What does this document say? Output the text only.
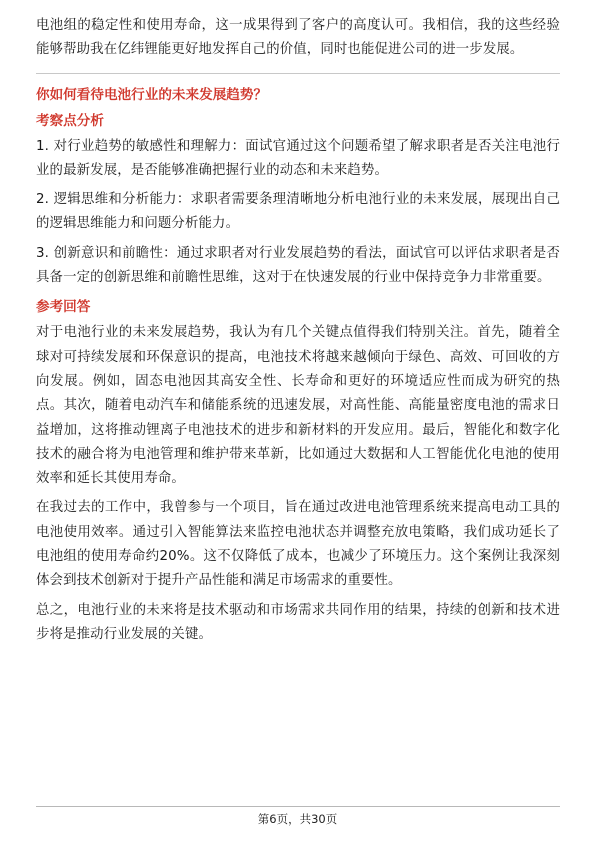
电池组的稳定性和使用寿命，这一成果得到了客户的高度认可。我相信，我的这些经验能够帮助我在亿纬锂能更好地发挥自己的价值，同时也能促进公司的进一步发展。

你如何看待电池行业的未来发展趋势？
考察点分析

1. 对行业趋势的敏感性和理解力：面试官通过这个问题希望了解求职者是否关注电池行业的最新发展，是否能够准确把握行业的动态和未来趋势。

2. 逻辑思维和分析能力：求职者需要条理清晰地分析电池行业的未来发展，展现出自己的逻辑思维能力和问题分析能力。

3. 创新意识和前瞻性：通过求职者对行业发展趋势的看法，面试官可以评估求职者是否具备一定的创新思维和前瞻性思维，这对于在快速发展的行业中保持竞争力非常重要。

参考回答

对于电池行业的未来发展趋势，我认为有几个关键点值得我们特别关注。首先，随着全球对可持续发展和环保意识的提高，电池技术将越来越倾向于绿色、高效、可回收的方向发展。例如，固态电池因其高安全性、长寿命和更好的环境适应性而成为研究的热点。其次，随着电动汽车和储能系统的迅速发展，对高性能、高能量密度电池的需求日益增加，这将推动锂离子电池技术的进步和新材料的开发应用。最后，智能化和数字化技术的融合将为电池管理和维护带来革新，比如通过大数据和人工智能优化电池的使用效率和延长其使用寿命。

在我过去的工作中，我曾参与一个项目，旨在通过改进电池管理系统来提高电动工具的电池使用效率。通过引入智能算法来监控电池状态并调整充放电策略，我们成功延长了电池组的使用寿命约20%。这不仅降低了成本，也减少了环境压力。这个案例让我深刻体会到技术创新对于提升产品性能和满足市场需求的重要性。

总之，电池行业的未来将是技术驱动和市场需求共同作用的结果，持续的创新和技术进步将是推动行业发展的关键。

第6页，共30页
